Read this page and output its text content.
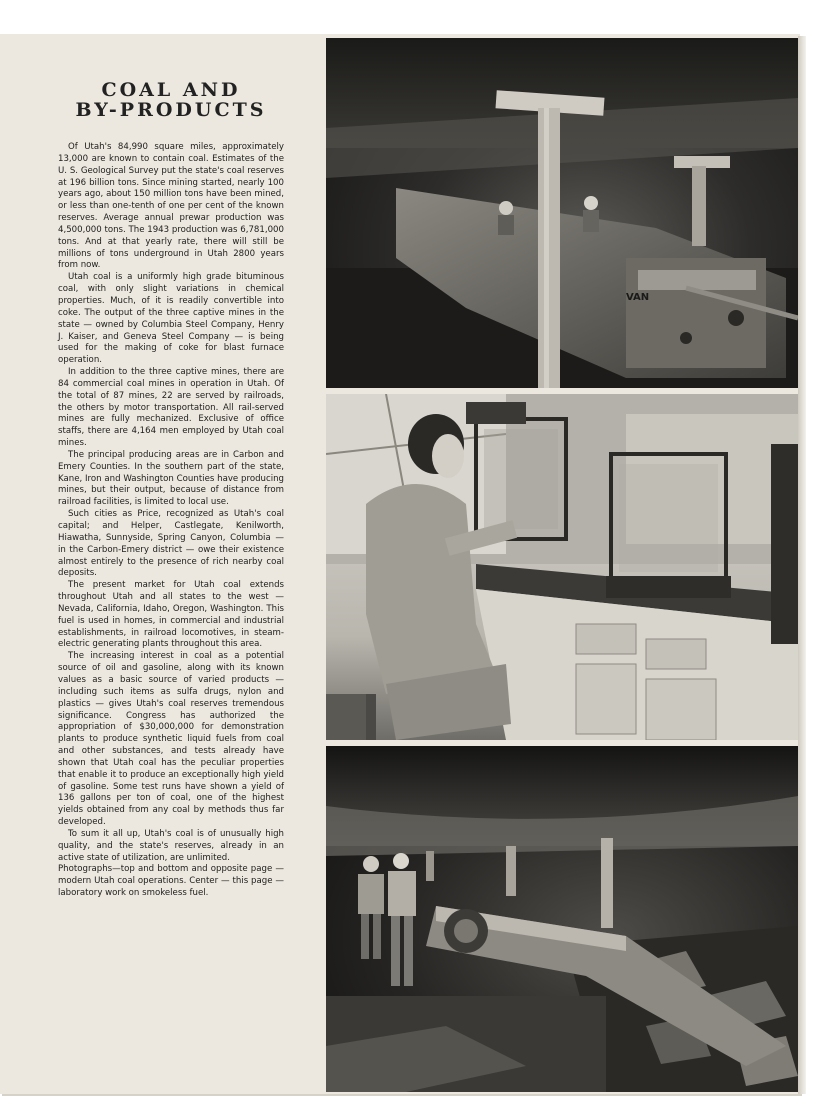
COAL AND
BY-PRODUCTS

Of Utah's 84,990 square miles, approximately 13,000 are known to contain coal. Estimates of the U. S. Geological Survey put the state's coal reserves at 196 billion tons. Since mining started, nearly 100 years ago, about 150 million tons have been mined, or less than one-tenth of one per cent of the known reserves. Average annual prewar production was 4,500,000 tons. The 1943 production was 6,781,000 tons. And at that yearly rate, there will still be millions of tons underground in Utah 2800 years from now.

Utah coal is a uniformly high grade bituminous coal, with only slight variations in chemical properties. Much, of it is readily convertible into coke. The output of the three captive mines in the state — owned by Columbia Steel Company, Henry J. Kaiser, and Geneva Steel Company — is being used for the making of coke for blast furnace operation.

In addition to the three captive mines, there are 84 commercial coal mines in operation in Utah. Of the total of 87 mines, 22 are served by railroads, the others by motor transportation. All rail-served mines are fully mechanized. Exclusive of office staffs, there are 4,164 men employed by Utah coal mines.

The principal producing areas are in Carbon and Emery Counties. In the southern part of the state, Kane, Iron and Washington Counties have producing mines, but their output, because of distance from railroad facilities, is limited to local use.

Such cities as Price, recognized as Utah's coal capital; and Helper, Castlegate, Kenilworth, Hiawatha, Sunnyside, Spring Canyon, Columbia — in the Carbon-Emery district — owe their existence almost entirely to the presence of rich nearby coal deposits.

The present market for Utah coal extends throughout Utah and all states to the west — Nevada, California, Idaho, Oregon, Washington. This fuel is used in homes, in commercial and industrial establishments, in railroad locomotives, in steam-electric generating plants throughout this area.

The increasing interest in coal as a potential source of oil and gasoline, along with its known values as a basic source of varied products — including such items as sulfa drugs, nylon and plastics — gives Utah's coal reserves tremendous significance. Congress has authorized the appropriation of $30,000,000 for demonstration plants to produce synthetic liquid fuels from coal and other substances, and tests already have shown that Utah coal has the peculiar properties that enable it to produce an exceptionally high yield of gasoline. Some test runs have shown a yield of 136 gallons per ton of coal, one of the highest yields obtained from any coal by methods thus far developed.

To sum it all up, Utah's coal is of unusually high quality, and the state's reserves, already in an active state of utilization, are unlimited.

Photographs—top and bottom and opposite page — modern Utah coal operations. Center — this page — laboratory work on smokeless fuel.

VAN
